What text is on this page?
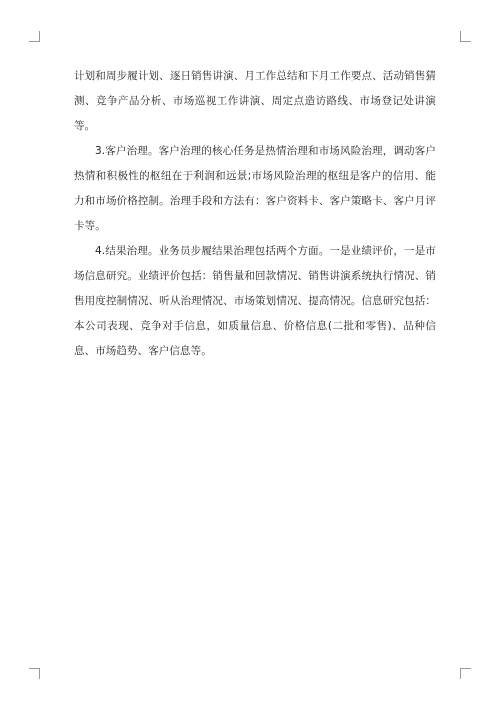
计划和周步履计划、逐日销售讲演、月工作总结和下月工作要点、活动销售猜测、竞争产品分析、市场巡视工作讲演、周定点造访路线、市场登记处讲演等。

3.客户治理。客户治理的核心任务是热情治理和市场风险治理，调动客户热情和积极性的枢纽在于利润和远景;市场风险治理的枢纽是客户的信用、能力和市场价格控制。治理手段和方法有：客户资料卡、客户策略卡、客户月评卡等。

4.结果治理。业务员步履结果治理包括两个方面。一是业绩评价，一是市场信息研究。业绩评价包括：销售量和回款情况、销售讲演系统执行情况、销售用度控制情况、听从治理情况、市场策划情况、提高情况。信息研究包括：本公司表现、竞争对手信息，如质量信息、价格信息(二批和零售)、品种信息、市场趋势、客户信息等。
